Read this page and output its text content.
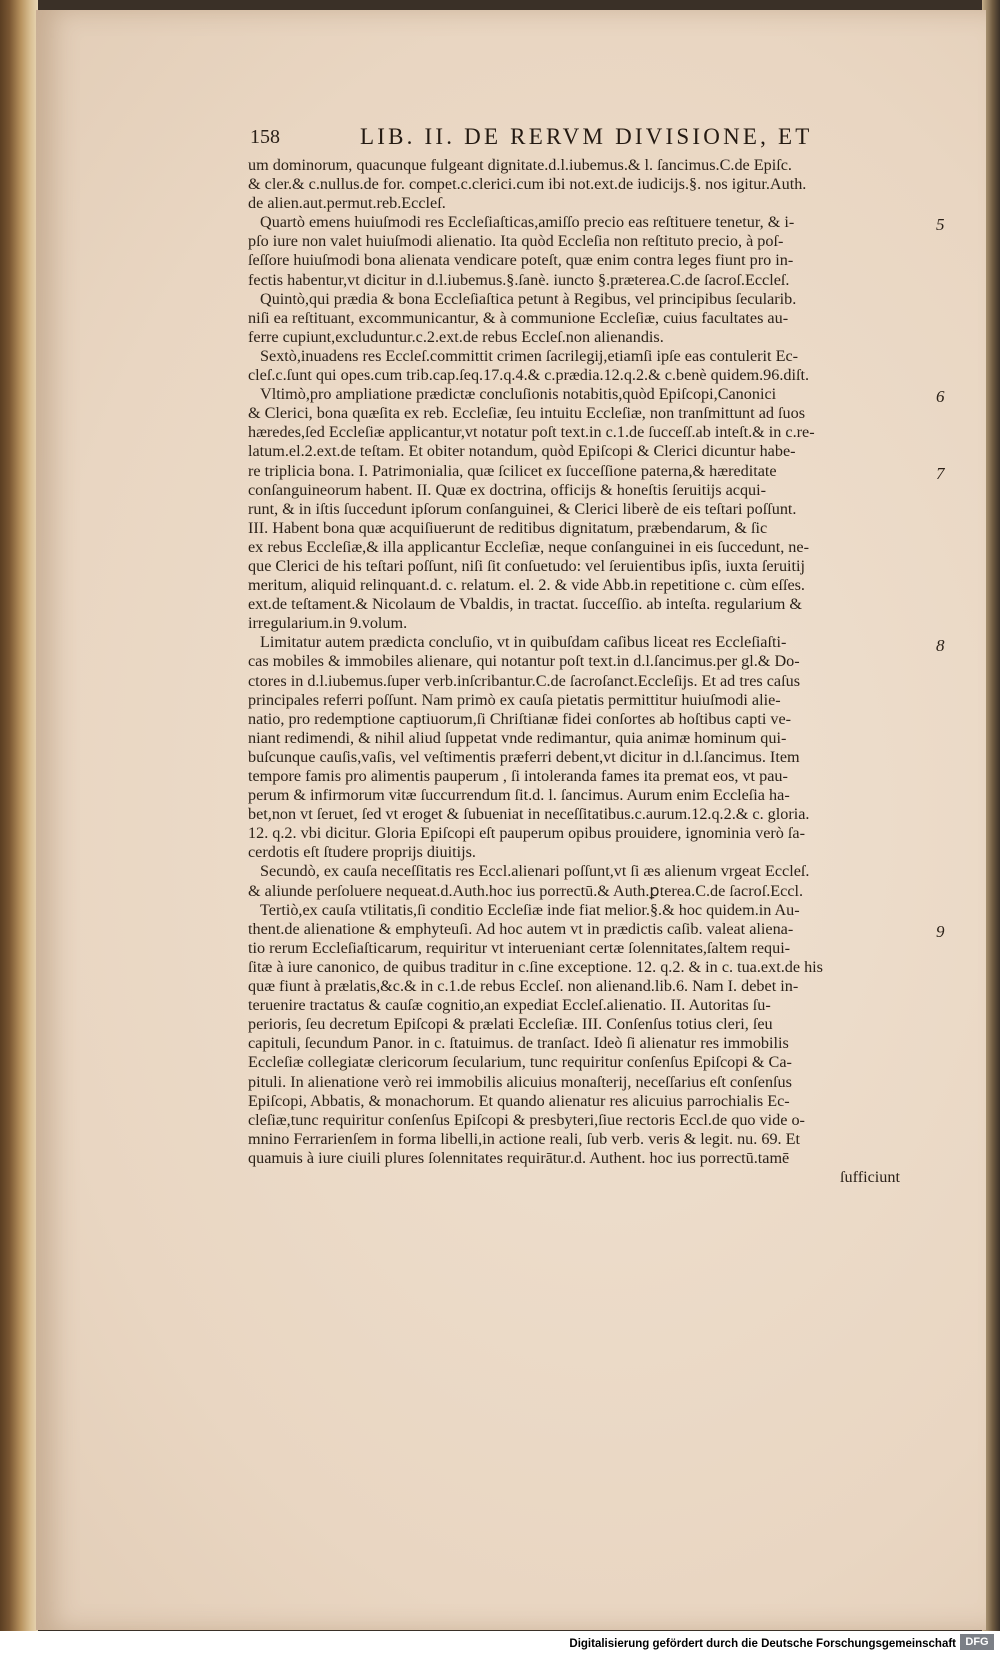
158	LIB. II. DE RERVM DIVISIONE, ET
um dominorum, quacunque fulgeant dignitate.d.l.iubemus.& l. ſancimus.C.de Epiſc.
& cler.& c.nullus.de for. compet.c.clerici.cum ibi not.ext.de iudicijs.§. nos igitur.Auth.
de alien.aut.permut.reb.Eccleſ.
Quartò emens huiuſmodi res Eccleſiaſticas,amiſſo precio eas reſtituere tenetur, & i-
pſo iure non valet huiuſmodi alienatio. Ita quòd Eccleſia non reſtituto precio, à poſ-
ſeſſore huiuſmodi bona alienata vendicare poteſt, quæ enim contra leges fiunt pro in-
fectis habentur,vt dicitur in d.l.iubemus.§.ſanè. iuncto §.prӕterea.C.de ſacroſ.Eccleſ.
Quintò,qui prædia & bona Eccleſiaſtica petunt à Regibus, vel principibus ſecularib.
niſi ea reſtituant, excommunicantur, & à communione Eccleſiæ, cuius facultates au-
ferre cupiunt,excluduntur.c.2.ext.de rebus Eccleſ.non alienandis.
Sextò,inuadens res Eccleſ.committit crimen ſacrilegij,etiamſi ipſe eas contulerit Ec-
cleſ.c.ſunt qui opes.cum trib.cap.ſeq.17.q.4.& c.prædia.12.q.2.& c.benè quidem.96.diſt.
Vltimò,pro ampliatione prædictæ concluſionis notabitis,quòd Epiſcopi,Canonici
& Clerici, bona quæſita ex reb. Eccleſiæ, ſeu intuitu Eccleſiæ, non tranſmittunt ad ſuos
hæredes,ſed Eccleſiæ applicantur,vt notatur poſt text.in c.1.de ſucceſſ.ab inteſt.& in c.re-
latum.el.2.ext.de teſtam. Et obiter notandum, quòd Epiſcopi & Clerici dicuntur habe-
re triplicia bona. I. Patrimonialia, quæ ſcilicet ex ſucceſſione paterna,& hæreditate
conſanguineorum habent. II. Quæ ex doctrina, officijs & honeſtis ſeruitijs acqui-
runt, & in iſtis ſuccedunt ipſorum conſanguinei, & Clerici liberè de eis teſtari poſſunt.
III. Habent bona quæ acquiſiuerunt de reditibus dignitatum, præbendarum, & ſic
ex rebus Eccleſiæ,& illa applicantur Eccleſiæ, neque conſanguinei in eis ſuccedunt, ne-
que Clerici de his teſtari poſſunt, niſi ſit conſuetudo: vel ſeruientibus ipſis, iuxta ſeruitij
meritum, aliquid relinquant.d. c. relatum. el. 2. & vide Abb.in repetitione c. cùm eſſes.
ext.de teſtament.& Nicolaum de Vbaldis, in tractat. ſucceſſio. ab inteſta. regularium &
irregularium.in 9.volum.
Limitatur autem prædicta concluſio, vt in quibuſdam caſibus liceat res Eccleſiaſti-
cas mobiles & immobiles alienare, qui notantur poſt text.in d.l.ſancimus.per gl.& Do-
ctores in d.l.iubemus.ſuper verb.inſcribantur.C.de ſacroſanct.Eccleſijs. Et ad tres caſus
principales referri poſſunt. Nam primò ex cauſa pietatis permittitur huiuſmodi alie-
natio, pro redemptione captiuorum,ſi Chriſtianæ fidei conſortes ab hoſtibus capti ve-
niant redimendi, & nihil aliud ſuppetat vnde redimantur, quia animæ hominum qui-
buſcunque cauſis,vaſis, vel veſtimentis præferri debent,vt dicitur in d.l.ſancimus. Item
tempore famis pro alimentis pauperum , ſi intoleranda fames ita premat eos, vt pau-
perum & infirmorum vitæ ſuccurrendum ſit.d. l. ſancimus. Aurum enim Eccleſia ha-
bet,non vt ſeruet, ſed vt eroget & ſubueniat in neceſſitatibus.c.aurum.12.q.2.& c. gloria.
12. q.2. vbi dicitur. Gloria Epiſcopi eſt pauperum opibus prouidere, ignominia verò ſa-
cerdotis eſt ſtudere proprijs diuitijs.
Secundò, ex cauſa neceſſitatis res Eccl.alienari poſſunt,vt ſi æs alienum vrgeat Eccleſ.
& aliunde perſoluere nequeat.d.Auth.hoc ius porrectū.& Auth.ꝑterea.C.de ſacroſ.Eccl.
Tertiò,ex cauſa vtilitatis,ſi conditio Eccleſiæ inde fiat melior.§.& hoc quidem.in Au-
thent.de alienatione & emphyteuſi. Ad hoc autem vt in prædictis caſib. valeat aliena-
tio rerum Eccleſiaſticarum, requiritur vt interueniant certæ ſolennitates,ſaltem requi-
ſitæ à iure canonico, de quibus traditur in c.ſine exceptione. 12. q.2. & in c. tua.ext.de his
quæ fiunt à prælatis,&c.& in c.1.de rebus Eccleſ. non alienand.lib.6. Nam I. debet in-
teruenire tractatus & cauſæ cognitio,an expediat Eccleſ.alienatio. II. Autoritas ſu-
perioris, ſeu decretum Epiſcopi & prælati Eccleſiæ. III. Conſenſus totius cleri, ſeu
capituli, ſecundum Panor. in c. ſtatuimus. de tranſact. Ideò ſi alienatur res immobilis
Eccleſiæ collegiatæ clericorum ſecularium, tunc requiritur conſenſus Epiſcopi & Ca-
pituli. In alienatione verò rei immobilis alicuius monaſterij, neceſſarius eſt conſenſus
Epiſcopi, Abbatis, & monachorum. Et quando alienatur res alicuius parrochialis Ec-
cleſiæ,tunc requiritur conſenſus Epiſcopi & presbyteri,ſiue rectoris Eccl.de quo vide o-
mnino Ferrarienſem in forma libelli,in actione reali, ſub verb. veris & legit. nu. 69. Et
quamuis à iure ciuili plures ſolennitates requirātur.d. Authent. hoc ius porrectū.tamē
ſufficiunt
5
6
7
8
9
Digitalisierung gefördert durch die Deutsche Forschungsgemeinschaft DFG
